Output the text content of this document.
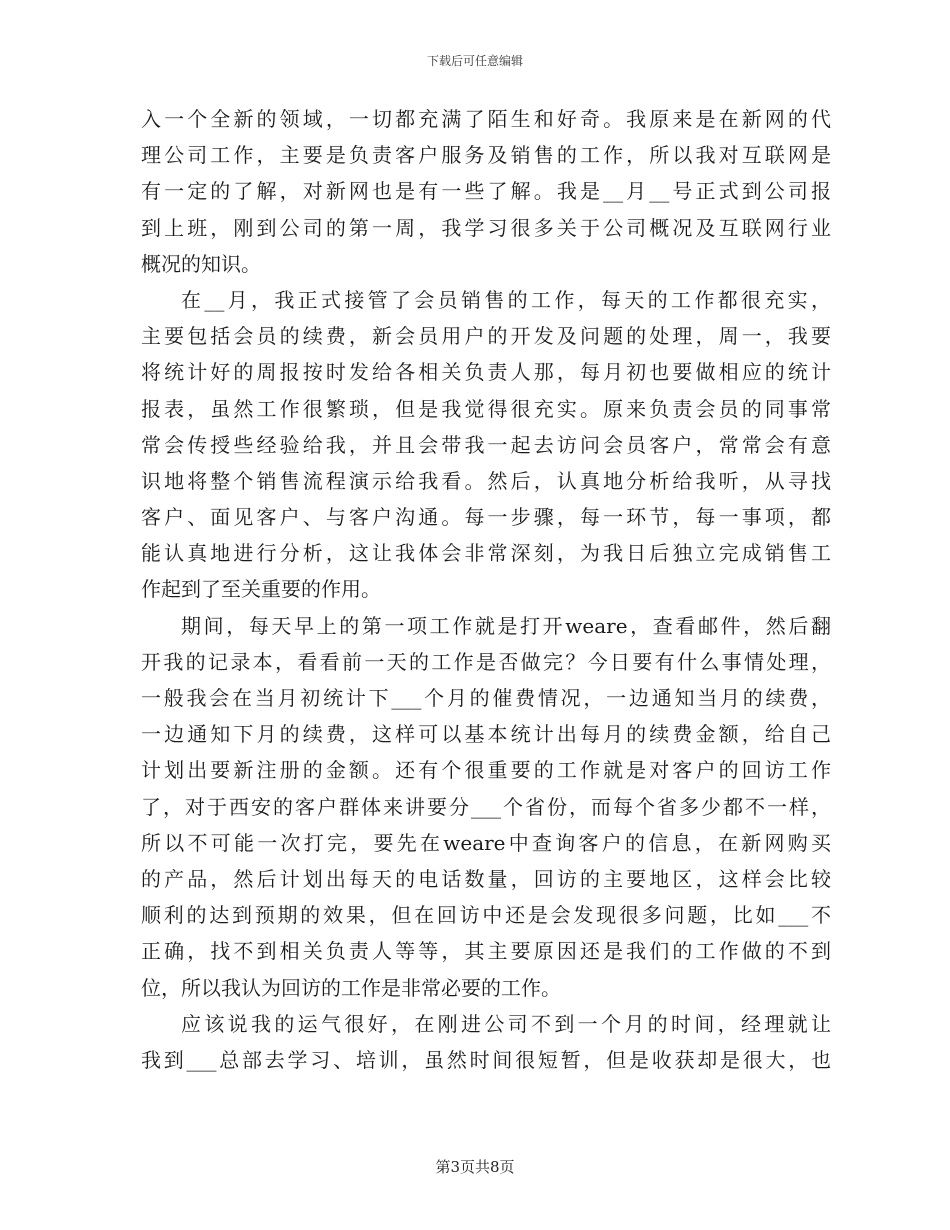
下载后可任意编辑
入一个全新的领域，一切都充满了陌生和好奇。我原来是在新网的代
理公司工作，主要是负责客户服务及销售的工作，所以我对互联网是
有一定的了解，对新网也是有一些了解。我是__月__号正式到公司报
到上班，刚到公司的第一周，我学习很多关于公司概况及互联网行业
概况的知识。
在__月，我正式接管了会员销售的工作，每天的工作都很充实，
主要包括会员的续费，新会员用户的开发及问题的处理，周一，我要
将统计好的周报按时发给各相关负责人那，每月初也要做相应的统计
报表，虽然工作很繁琐，但是我觉得很充实。原来负责会员的同事常
常会传授些经验给我，并且会带我一起去访问会员客户，常常会有意
识地将整个销售流程演示给我看。然后，认真地分析给我听，从寻找
客户、面见客户、与客户沟通。每一步骤，每一环节，每一事项，都
能认真地进行分析，这让我体会非常深刻，为我日后独立完成销售工
作起到了至关重要的作用。
期间，每天早上的第一项工作就是打开weare，查看邮件，然后翻
开我的记录本，看看前一天的工作是否做完？今日要有什么事情处理，
一般我会在当月初统计下___个月的催费情况，一边通知当月的续费，
一边通知下月的续费，这样可以基本统计出每月的续费金额，给自己
计划出要新注册的金额。还有个很重要的工作就是对客户的回访工作
了，对于西安的客户群体来讲要分___个省份，而每个省多少都不一样，
所以不可能一次打完，要先在weare中查询客户的信息，在新网购买
的产品，然后计划出每天的电话数量，回访的主要地区，这样会比较
顺利的达到预期的效果，但在回访中还是会发现很多问题，比如___不
正确，找不到相关负责人等等，其主要原因还是我们的工作做的不到
位，所以我认为回访的工作是非常必要的工作。
应该说我的运气很好，在刚进公司不到一个月的时间，经理就让
我到___总部去学习、培训，虽然时间很短暂，但是收获却是很大，也
第3页共8页
